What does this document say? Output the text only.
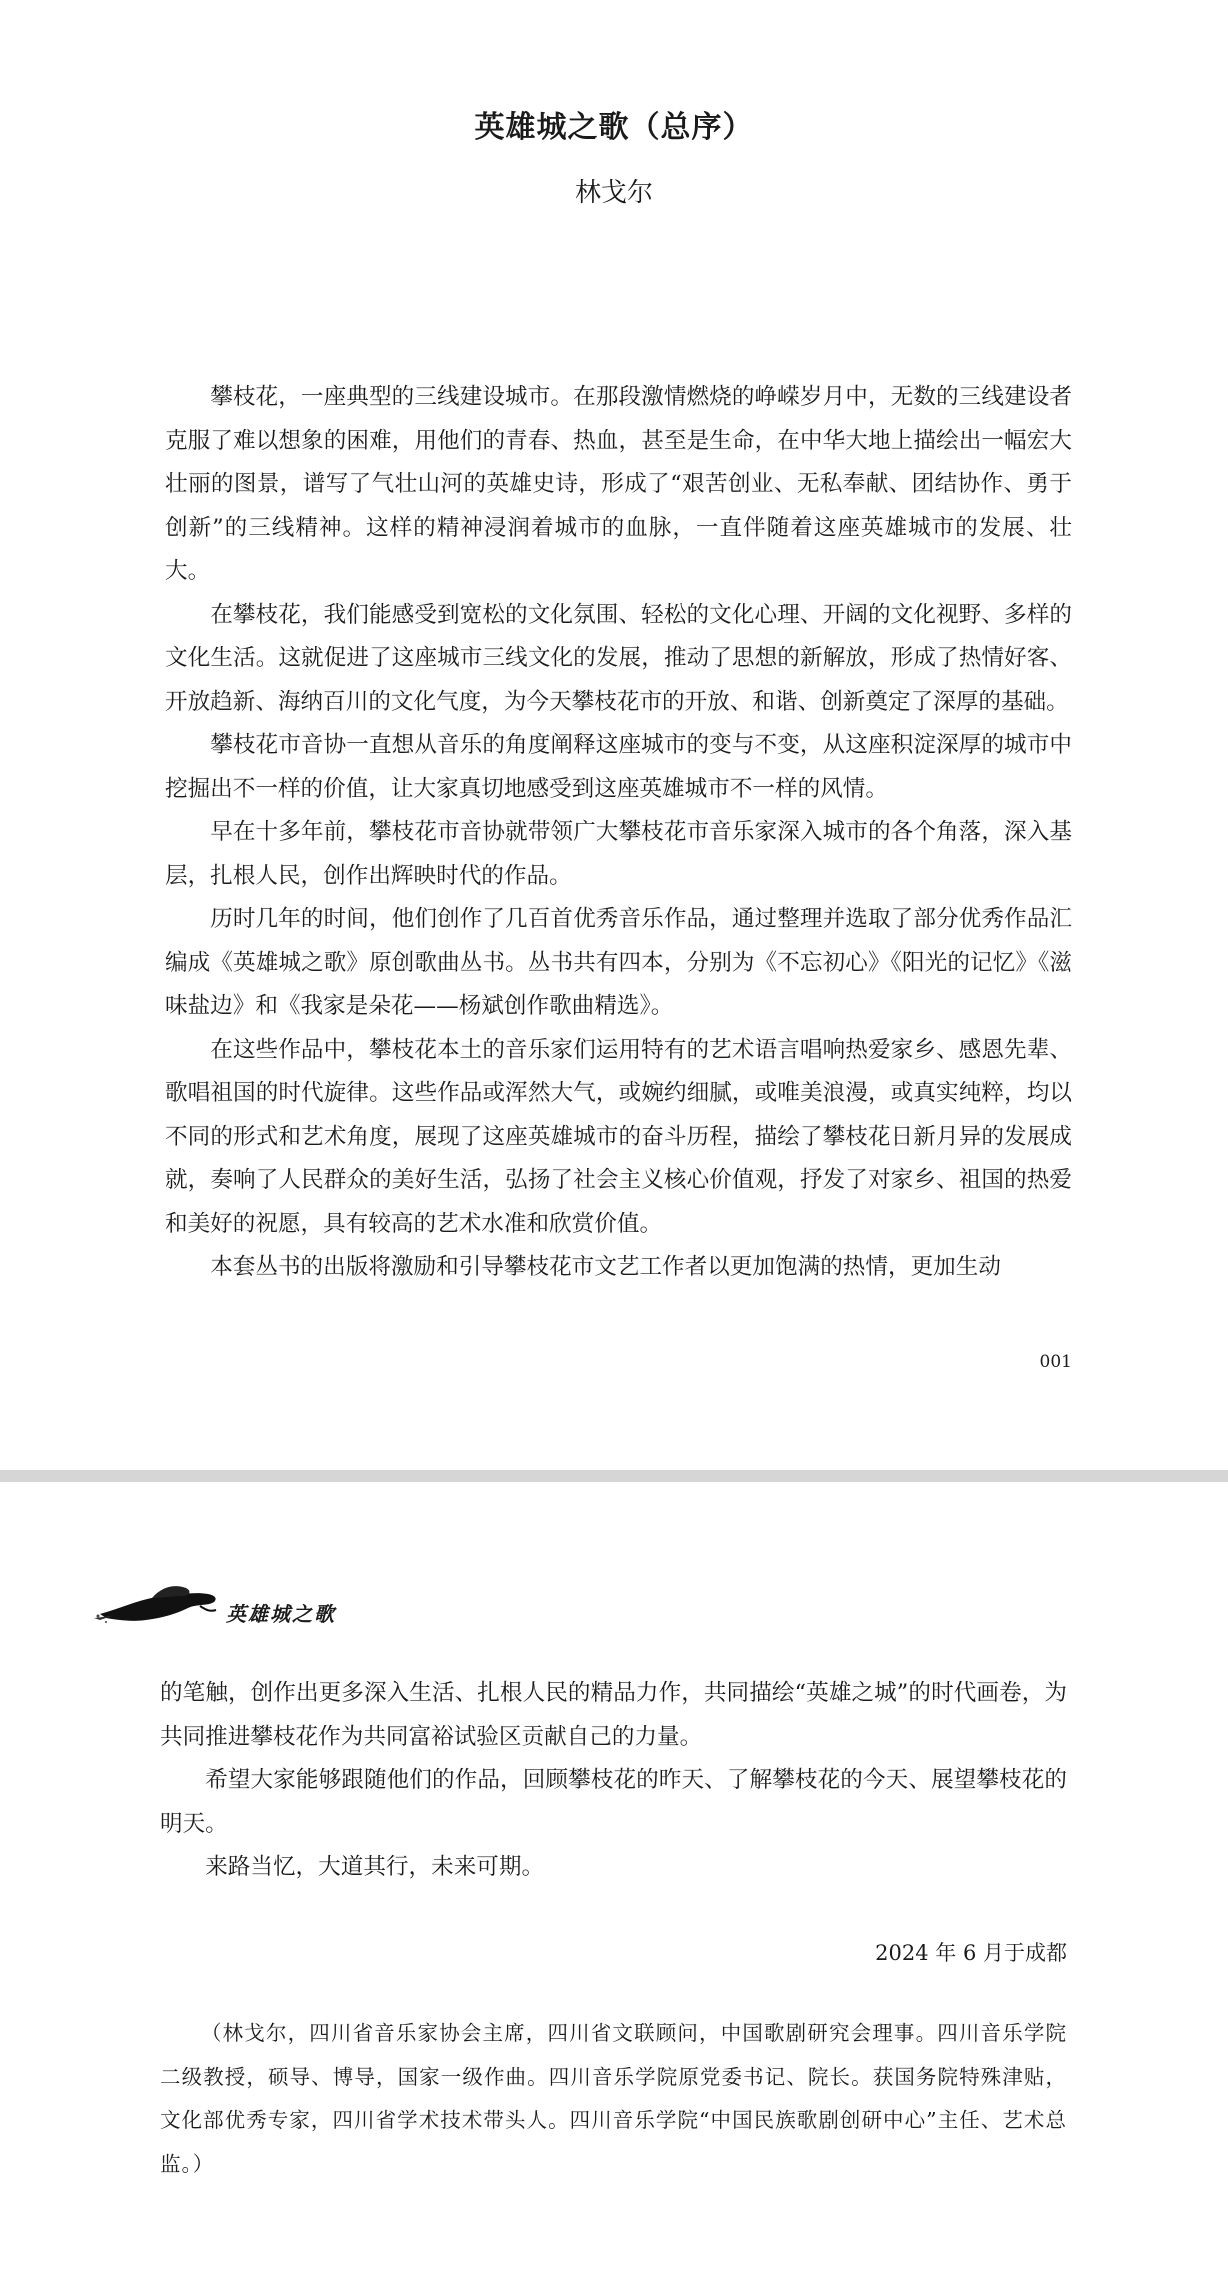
英雄城之歌（总序）
林戈尔

攀枝花，一座典型的三线建设城市。在那段激情燃烧的峥嵘岁月中，无数的三线建设者克服了难以想象的困难，用他们的青春、热血，甚至是生命，在中华大地上描绘出一幅宏大壮丽的图景，谱写了气壮山河的英雄史诗，形成了“艰苦创业、无私奉献、团结协作、勇于创新”的三线精神。这样的精神浸润着城市的血脉，一直伴随着这座英雄城市的发展、壮大。

在攀枝花，我们能感受到宽松的文化氛围、轻松的文化心理、开阔的文化视野、多样的文化生活。这就促进了这座城市三线文化的发展，推动了思想的新解放，形成了热情好客、开放趋新、海纳百川的文化气度，为今天攀枝花市的开放、和谐、创新奠定了深厚的基础。

攀枝花市音协一直想从音乐的角度阐释这座城市的变与不变，从这座积淀深厚的城市中挖掘出不一样的价值，让大家真切地感受到这座英雄城市不一样的风情。

早在十多年前，攀枝花市音协就带领广大攀枝花市音乐家深入城市的各个角落，深入基层，扎根人民，创作出辉映时代的作品。

历时几年的时间，他们创作了几百首优秀音乐作品，通过整理并选取了部分优秀作品汇编成《英雄城之歌》原创歌曲丛书。丛书共有四本，分别为《不忘初心》《阳光的记忆》《滋味盐边》和《我家是朵花——杨斌创作歌曲精选》。

在这些作品中，攀枝花本土的音乐家们运用特有的艺术语言唱响热爱家乡、感恩先辈、歌唱祖国的时代旋律。这些作品或浑然大气，或婉约细腻，或唯美浪漫，或真实纯粹，均以不同的形式和艺术角度，展现了这座英雄城市的奋斗历程，描绘了攀枝花日新月异的发展成就，奏响了人民群众的美好生活，弘扬了社会主义核心价值观，抒发了对家乡、祖国的热爱和美好的祝愿，具有较高的艺术水准和欣赏价值。

本套丛书的出版将激励和引导攀枝花市文艺工作者以更加饱满的热情，更加生动

001
英雄城之歌

的笔触，创作出更多深入生活、扎根人民的精品力作，共同描绘“英雄之城”的时代画卷，为共同推进攀枝花作为共同富裕试验区贡献自己的力量。

希望大家能够跟随他们的作品，回顾攀枝花的昨天、了解攀枝花的今天、展望攀枝花的明天。

来路当忆，大道其行，未来可期。

2024 年 6 月于成都

（林戈尔，四川省音乐家协会主席，四川省文联顾问，中国歌剧研究会理事。四川音乐学院二级教授，硕导、博导，国家一级作曲。四川音乐学院原党委书记、院长。获国务院特殊津贴，文化部优秀专家，四川省学术技术带头人。四川音乐学院“中国民族歌剧创研中心”主任、艺术总监。）
